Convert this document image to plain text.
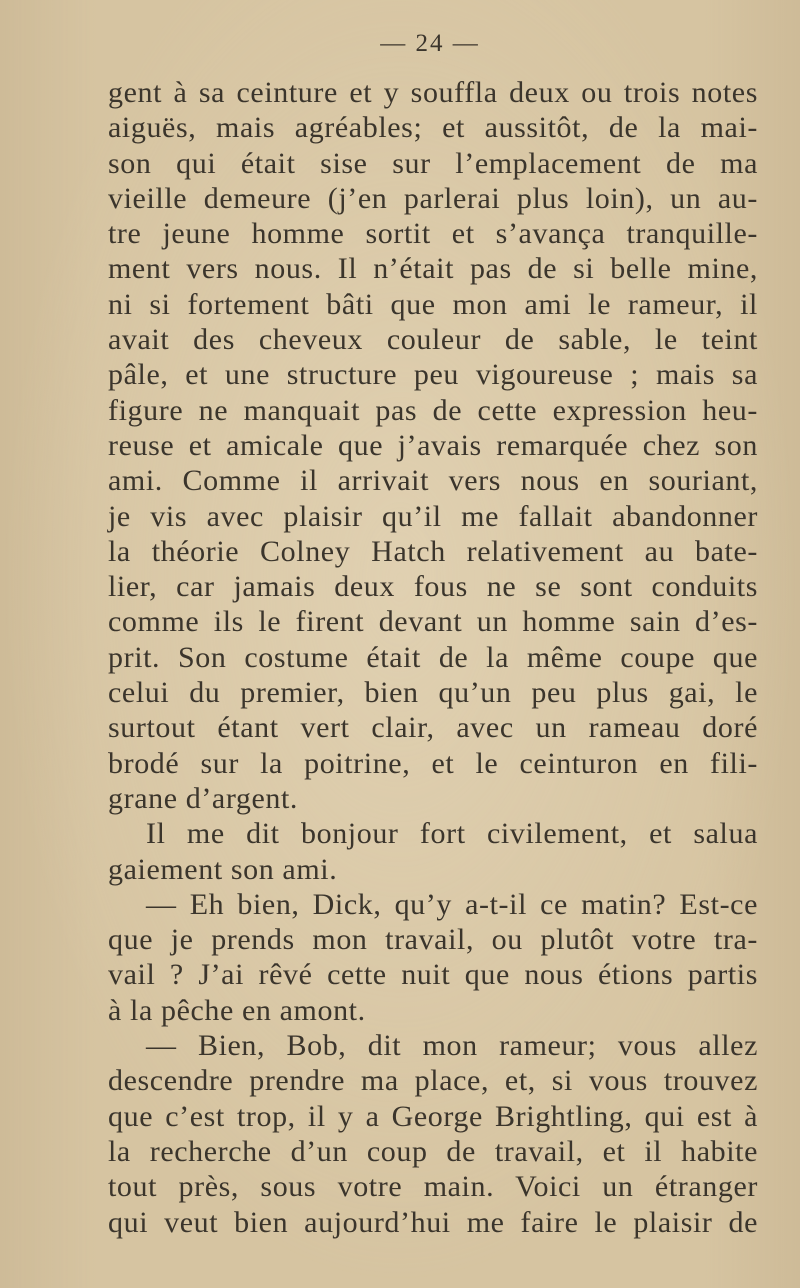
— 24 —
gent à sa ceinture et y souffla deux ou trois notes
aiguës, mais agréables; et aussitôt, de la mai-
son qui était sise sur l’emplacement de ma
vieille demeure (j’en parlerai plus loin), un au-
tre jeune homme sortit et s’avança tranquille-
ment vers nous. Il n’était pas de si belle mine,
ni si fortement bâti que mon ami le rameur, il
avait des cheveux couleur de sable, le teint
pâle, et une structure peu vigoureuse ; mais sa
figure ne manquait pas de cette expression heu-
reuse et amicale que j’avais remarquée chez son
ami. Comme il arrivait vers nous en souriant,
je vis avec plaisir qu’il me fallait abandonner
la théorie Colney Hatch relativement au bate-
lier, car jamais deux fous ne se sont conduits
comme ils le firent devant un homme sain d’es-
prit. Son costume était de la même coupe que
celui du premier, bien qu’un peu plus gai, le
surtout étant vert clair, avec un rameau doré
brodé sur la poitrine, et le ceinturon en fili-
grane d’argent.
Il me dit bonjour fort civilement, et salua
gaiement son ami.
— Eh bien, Dick, qu’y a-t-il ce matin? Est-ce
que je prends mon travail, ou plutôt votre tra-
vail ? J’ai rêvé cette nuit que nous étions partis
à la pêche en amont.
— Bien, Bob, dit mon rameur; vous allez
descendre prendre ma place, et, si vous trouvez
que c’est trop, il y a George Brightling, qui est à
la recherche d’un coup de travail, et il habite
tout près, sous votre main. Voici un étranger
qui veut bien aujourd’hui me faire le plaisir de
